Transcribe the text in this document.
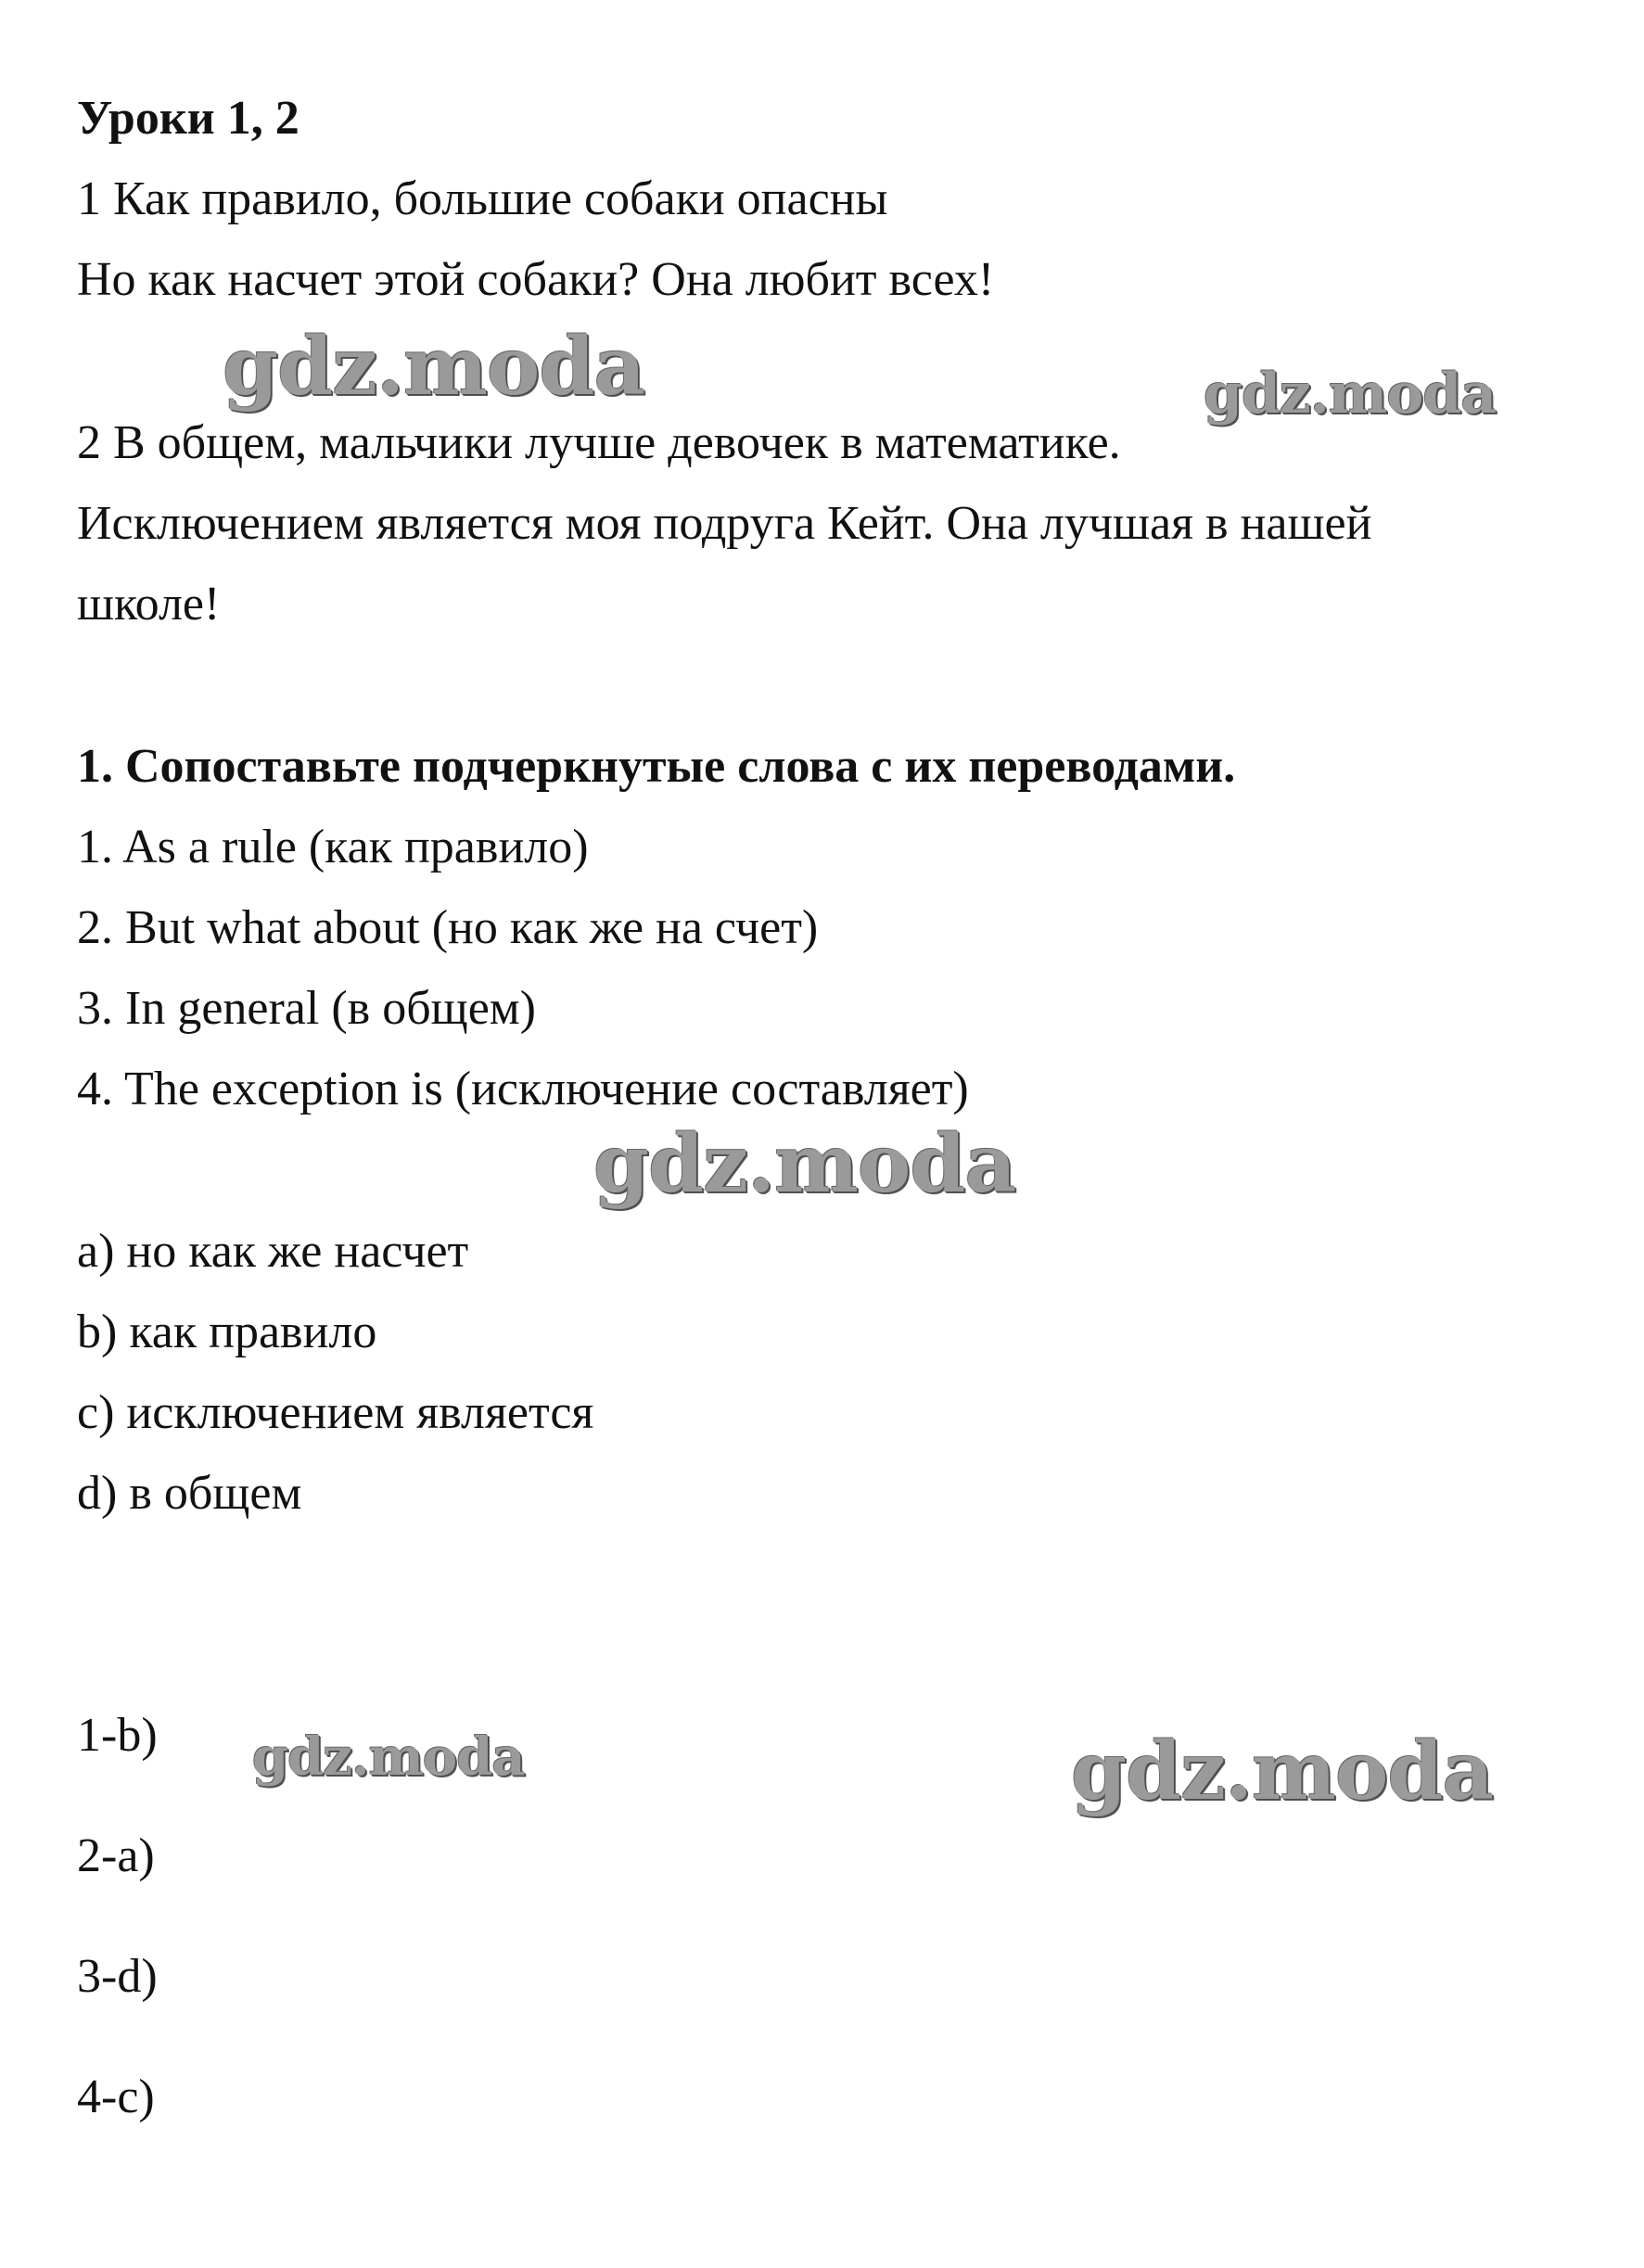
Уроки 1, 2
1 Как правило, большие собаки опасны
Но как насчет этой собаки? Она любит всех!
2 В общем, мальчики лучше девочек в математике.
Исключением является моя подруга Кейт. Она лучшая в нашей
школе!
1. Сопоставьте подчеркнутые слова с их переводами.
1. As a rule (как правило)
2. But what about (но как же на счет)
3. In general (в общем)
4. The exception is (исключение составляет)
a) но как же насчет
b) как правило
c) исключением является
d) в общем
1-b)
2-a)
3-d)
4-c)
gdz.moda	gdz.moda
gdz.moda
gdz.moda	gdz.moda
